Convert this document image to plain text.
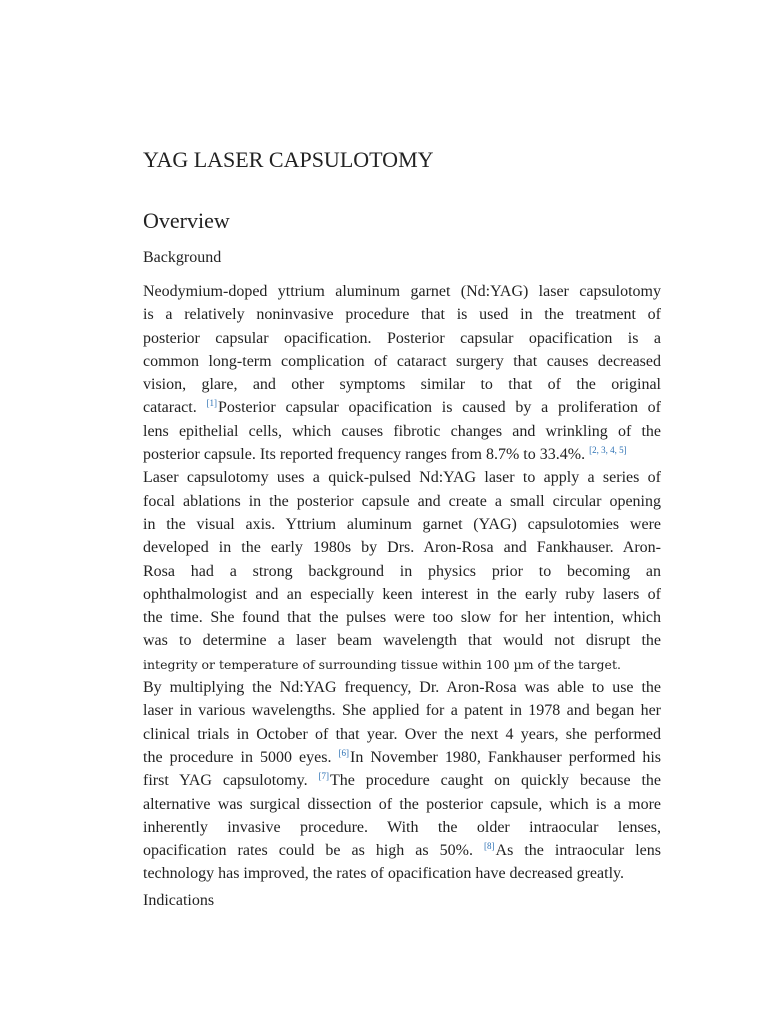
YAG LASER CAPSULOTOMY
Overview

Background

Neodymium-doped yttrium aluminum garnet (Nd:YAG) laser capsulotomy
is a relatively noninvasive procedure that is used in the treatment of
posterior capsular opacification. Posterior capsular opacification is a
common long-term complication of cataract surgery that causes decreased
vision, glare, and other symptoms similar to that of the original
cataract. [1]Posterior capsular opacification is caused by a proliferation of
lens epithelial cells, which causes fibrotic changes and wrinkling of the
posterior capsule. Its reported frequency ranges from 8.7% to 33.4%. [2, 3, 4, 5]
Laser capsulotomy uses a quick-pulsed Nd:YAG laser to apply a series of
focal ablations in the posterior capsule and create a small circular opening
in the visual axis. Yttrium aluminum garnet (YAG) capsulotomies were
developed in the early 1980s by Drs. Aron-Rosa and Fankhauser. Aron-
Rosa had a strong background in physics prior to becoming an
ophthalmologist and an especially keen interest in the early ruby lasers of
the time. She found that the pulses were too slow for her intention, which
was to determine a laser beam wavelength that would not disrupt the
integrity or temperature of surrounding tissue within 100 µm of the target.
By multiplying the Nd:YAG frequency, Dr. Aron-Rosa was able to use the
laser in various wavelengths. She applied for a patent in 1978 and began her
clinical trials in October of that year. Over the next 4 years, she performed
the procedure in 5000 eyes. [6]In November 1980, Fankhauser performed his
first YAG capsulotomy. [7]The procedure caught on quickly because the
alternative was surgical dissection of the posterior capsule, which is a more
inherently invasive procedure. With the older intraocular lenses,
opacification rates could be as high as 50%. [8]As the intraocular lens
technology has improved, the rates of opacification have decreased greatly.

Indications
